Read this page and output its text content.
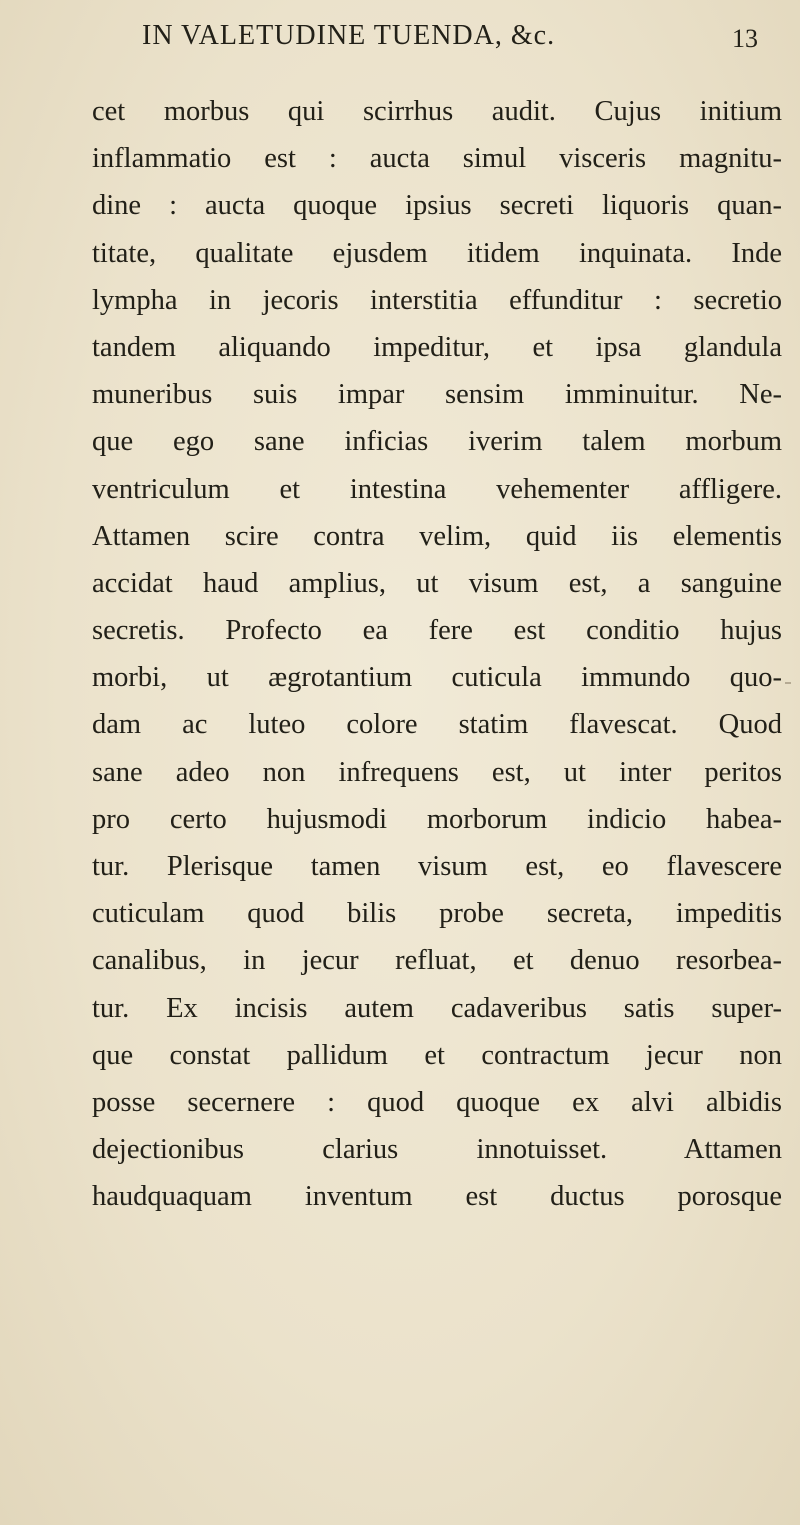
IN VALETUDINE TUENDA, &c.	13
cet morbus qui scirrhus audit. Cujus initium
inflammatio est : aucta simul visceris magnitu-
dine : aucta quoque ipsius secreti liquoris quan-
titate, qualitate ejusdem itidem inquinata. Inde
lympha in jecoris interstitia effunditur : secretio
tandem aliquando impeditur, et ipsa glandula
muneribus suis impar sensim imminuitur. Ne-
que ego sane inficias iverim talem morbum
ventriculum et intestina vehementer affligere.
Attamen scire contra velim, quid iis elementis
accidat haud amplius, ut visum est, a sanguine
secretis. Profecto ea fere est conditio hujus
morbi, ut ægrotantium cuticula immundo quo-
dam ac luteo colore statim flavescat. Quod
sane adeo non infrequens est, ut inter peritos
pro certo hujusmodi morborum indicio habea-
tur. Plerisque tamen visum est, eo flavescere
cuticulam quod bilis probe secreta, impeditis
canalibus, in jecur refluat, et denuo resorbea-
tur. Ex incisis autem cadaveribus satis super-
que constat pallidum et contractum jecur non
posse secernere : quod quoque ex alvi albidis
dejectionibus clarius innotuisset. Attamen
haudquaquam inventum est ductus porosque
